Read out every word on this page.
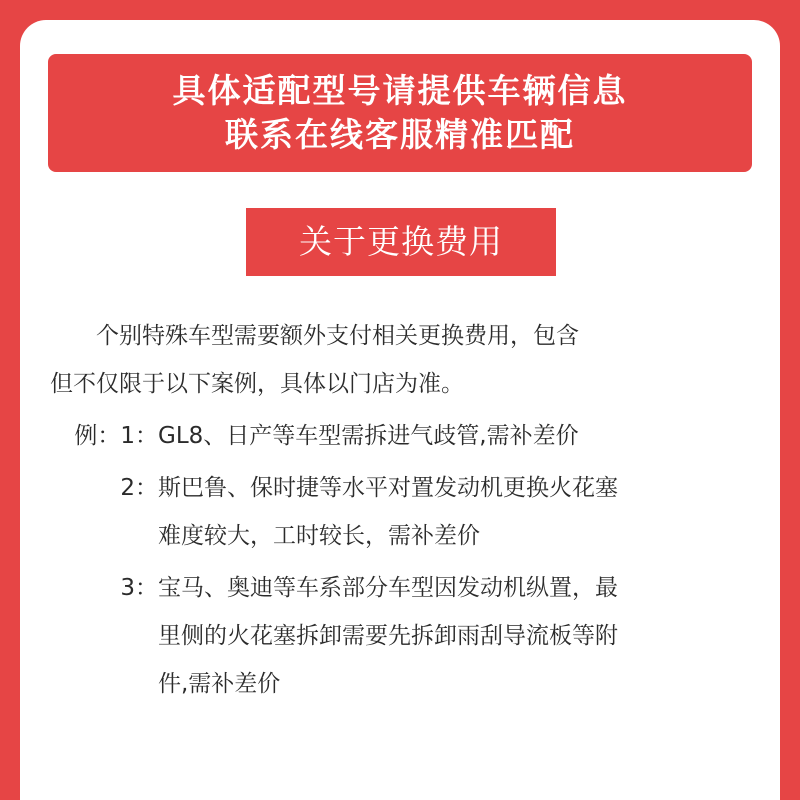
具体适配型号请提供车辆信息
联系在线客服精准匹配
关于更换费用
个别特殊车型需要额外支付相关更换费用，包含
但不仅限于以下案例，具体以门店为准。
例： 1： GL8、日产等车型需拆进气歧管,需补差价
2： 斯巴鲁、保时捷等水平对置发动机更换火花塞
难度较大，工时较长，需补差价
3： 宝马、奥迪等车系部分车型因发动机纵置，最
里侧的火花塞拆卸需要先拆卸雨刮导流板等附
件,需补差价
